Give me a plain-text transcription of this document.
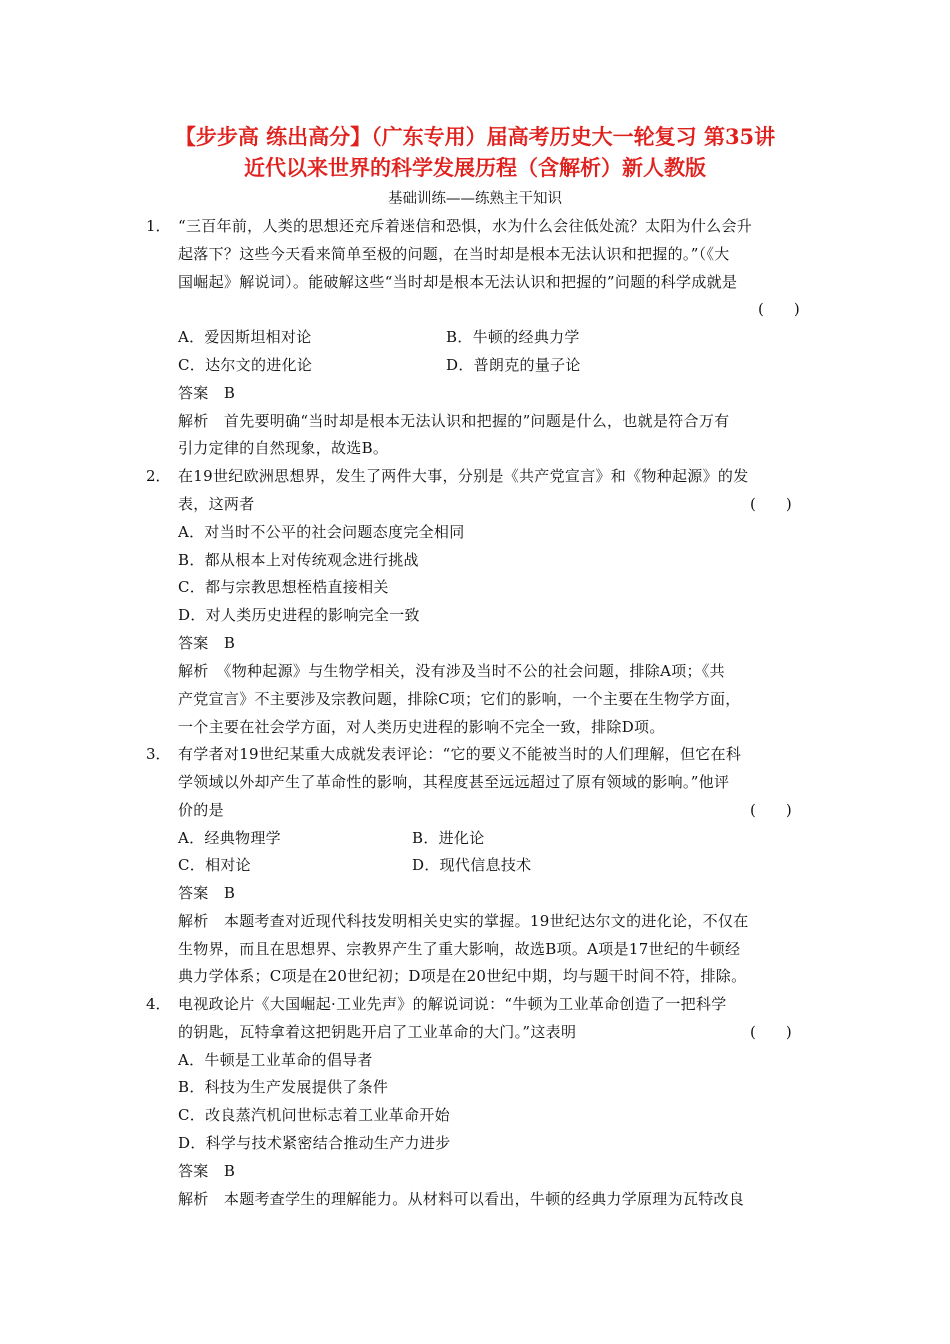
【步步高 练出高分】（广东专用）届高考历史大一轮复习 第35讲
近代以来世界的科学发展历程（含解析）新人教版
基础训练——练熟主干知识
1． “三百年前，人类的思想还充斥着迷信和恐惧，水为什么会往低处流？太阳为什么会升
起落下？这些今天看来简单至极的问题，在当时却是根本无法认识和把握的。”（《大
国崛起》解说词）。能破解这些“当时却是根本无法认识和把握的”问题的科学成就是
(　　)
A．爱因斯坦相对论	B．牛顿的经典力学
C．达尔文的进化论	D．普朗克的量子论
答案　B
解析　首先要明确“当时却是根本无法认识和把握的”问题是什么，也就是符合万有
引力定律的自然现象，故选B。
2． 在19世纪欧洲思想界，发生了两件大事，分别是《共产党宣言》和《物种起源》的发
表，这两者	(　　)
A．对当时不公平的社会问题态度完全相同
B．都从根本上对传统观念进行挑战
C．都与宗教思想桎梏直接相关
D．对人类历史进程的影响完全一致
答案　B
解析　《物种起源》与生物学相关，没有涉及当时不公的社会问题，排除A项；《共
产党宣言》不主要涉及宗教问题，排除C项；它们的影响，一个主要在生物学方面，
一个主要在社会学方面，对人类历史进程的影响不完全一致，排除D项。
3． 有学者对19世纪某重大成就发表评论：“它的要义不能被当时的人们理解，但它在科
学领域以外却产生了革命性的影响，其程度甚至远远超过了原有领域的影响。”他评
价的是	(　　)
A．经典物理学	B．进化论
C．相对论	D．现代信息技术
答案　B
解析　本题考查对近现代科技发明相关史实的掌握。19世纪达尔文的进化论，不仅在
生物界，而且在思想界、宗教界产生了重大影响，故选B项。A项是17世纪的牛顿经
典力学体系；C项是在20世纪初；D项是在20世纪中期，均与题干时间不符，排除。
4． 电视政论片《大国崛起·工业先声》的解说词说：“牛顿为工业革命创造了一把科学
的钥匙，瓦特拿着这把钥匙开启了工业革命的大门。”这表明	(　　)
A．牛顿是工业革命的倡导者
B．科技为生产发展提供了条件
C．改良蒸汽机问世标志着工业革命开始
D．科学与技术紧密结合推动生产力进步
答案　B
解析　本题考查学生的理解能力。从材料可以看出，牛顿的经典力学原理为瓦特改良
